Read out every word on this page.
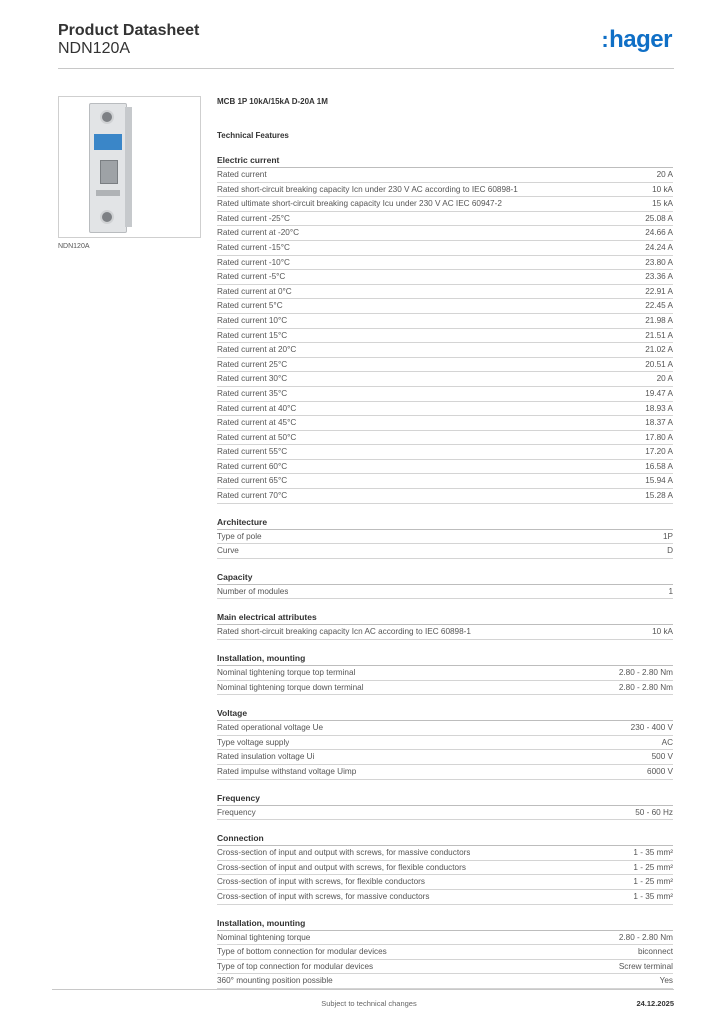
Product Datasheet
NDN120A	:hager
NDN120A
MCB 1P 10kA/15kA D-20A 1M
Technical Features
Electric current
Rated current	20 A
Rated short-circuit breaking capacity Icn under 230 V AC according to IEC 60898-1	10 kA
Rated ultimate short-circuit breaking capacity Icu under 230 V AC IEC 60947-2	15 kA
Rated current -25°C	25.08 A
Rated current at -20°C	24.66 A
Rated current -15°C	24.24 A
Rated current -10°C	23.80 A
Rated current -5°C	23.36 A
Rated current at 0°C	22.91 A
Rated current 5°C	22.45 A
Rated current 10°C	21.98 A
Rated current 15°C	21.51 A
Rated current at 20°C	21.02 A
Rated current 25°C	20.51 A
Rated current 30°C	20 A
Rated current 35°C	19.47 A
Rated current at 40°C	18.93 A
Rated current at 45°C	18.37 A
Rated current at 50°C	17.80 A
Rated current 55°C	17.20 A
Rated current 60°C	16.58 A
Rated current 65°C	15.94 A
Rated current 70°C	15.28 A
Architecture
Type of pole	1P
Curve	D
Capacity
Number of modules	1
Main electrical attributes
Rated short-circuit breaking capacity Icn AC according to IEC 60898-1	10 kA
Installation, mounting
Nominal tightening torque top terminal	2.80 - 2.80 Nm
Nominal tightening torque down terminal	2.80 - 2.80 Nm
Voltage
Rated operational voltage Ue	230 - 400 V
Type voltage supply	AC
Rated insulation voltage Ui	500 V
Rated impulse withstand voltage Uimp	6000 V
Frequency
Frequency	50 - 60 Hz
Connection
Cross-section of input and output with screws, for massive conductors	1 - 35 mm²
Cross-section of input and output with screws, for flexible conductors	1 - 25 mm²
Cross-section of input with screws, for flexible conductors	1 - 25 mm²
Cross-section of input with screws, for massive conductors	1 - 35 mm²
Installation, mounting
Nominal tightening torque	2.80 - 2.80 Nm
Type of bottom connection for modular devices	biconnect
Type of top connection for modular devices	Screw terminal
360° mounting position possible	Yes
Subject to technical changes	24.12.2025
